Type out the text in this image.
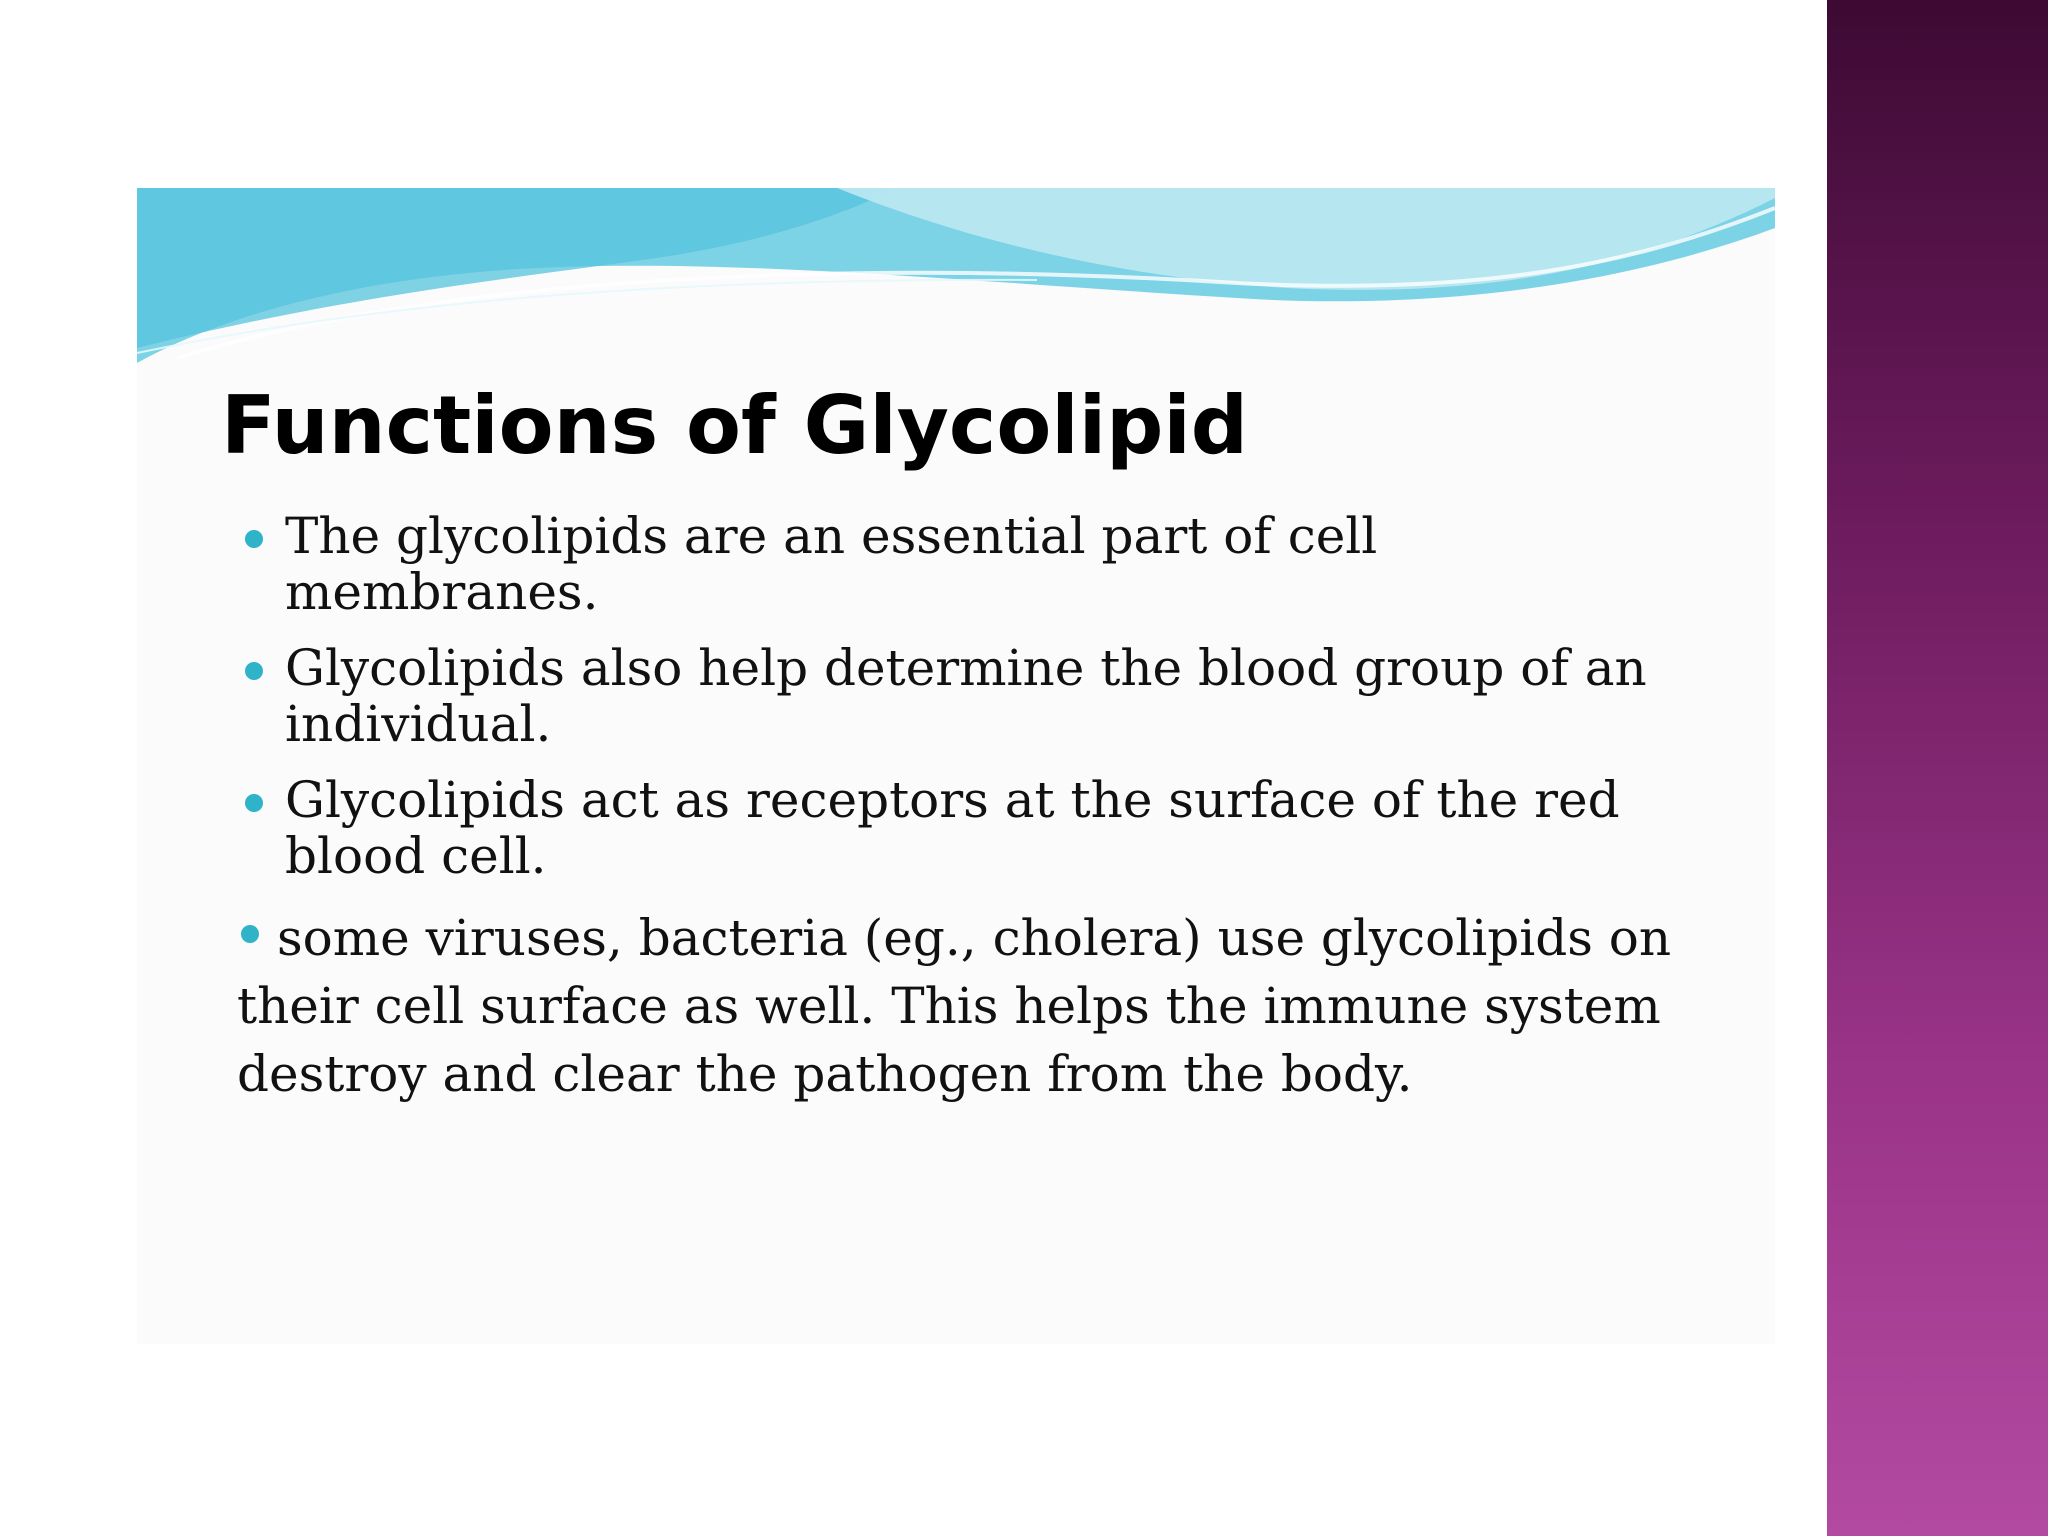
Functions of Glycolipid
The glycolipids are an essential part of cell membranes.
Glycolipids also help determine the blood group of an individual.
Glycolipids act as receptors at the surface of the red blood cell.
some viruses, bacteria (eg., cholera) use glycolipids on their cell surface as well. This helps the immune system destroy and clear the pathogen from the body.
